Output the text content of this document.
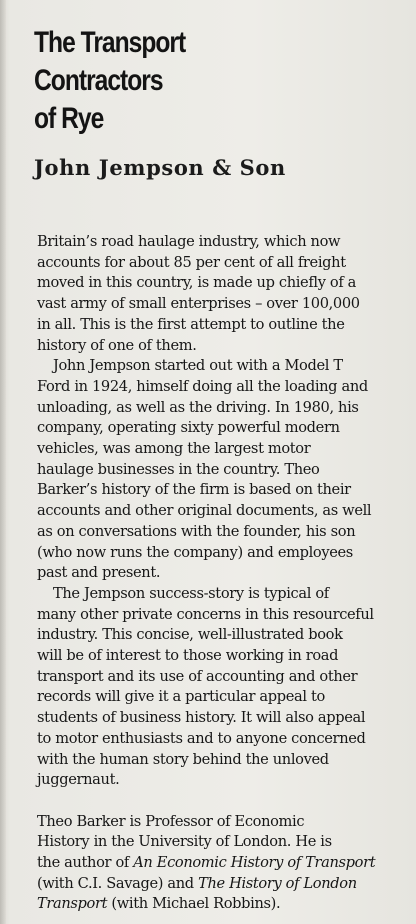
The Transport
Contractors
of Rye
John Jempson & Son
Britain’s road haulage industry, which now
accounts for about 85 per cent of all freight
moved in this country, is made up chiefly of a
vast army of small enterprises – over 100,000
in all. This is the first attempt to outline the
history of one of them.
John Jempson started out with a Model T
Ford in 1924, himself doing all the loading and
unloading, as well as the driving. In 1980, his
company, operating sixty powerful modern
vehicles, was among the largest motor
haulage businesses in the country. Theo
Barker’s history of the firm is based on their
accounts and other original documents, as well
as on conversations with the founder, his son
(who now runs the company) and employees
past and present.
The Jempson success-story is typical of
many other private concerns in this resourceful
industry. This concise, well-illustrated book
will be of interest to those working in road
transport and its use of accounting and other
records will give it a particular appeal to
students of business history. It will also appeal
to motor enthusiasts and to anyone concerned
with the human story behind the unloved
juggernaut.
Theo Barker is Professor of Economic
History in the University of London. He is
the author of An Economic History of Transport
(with C.I. Savage) and The History of London
Transport (with Michael Robbins).
